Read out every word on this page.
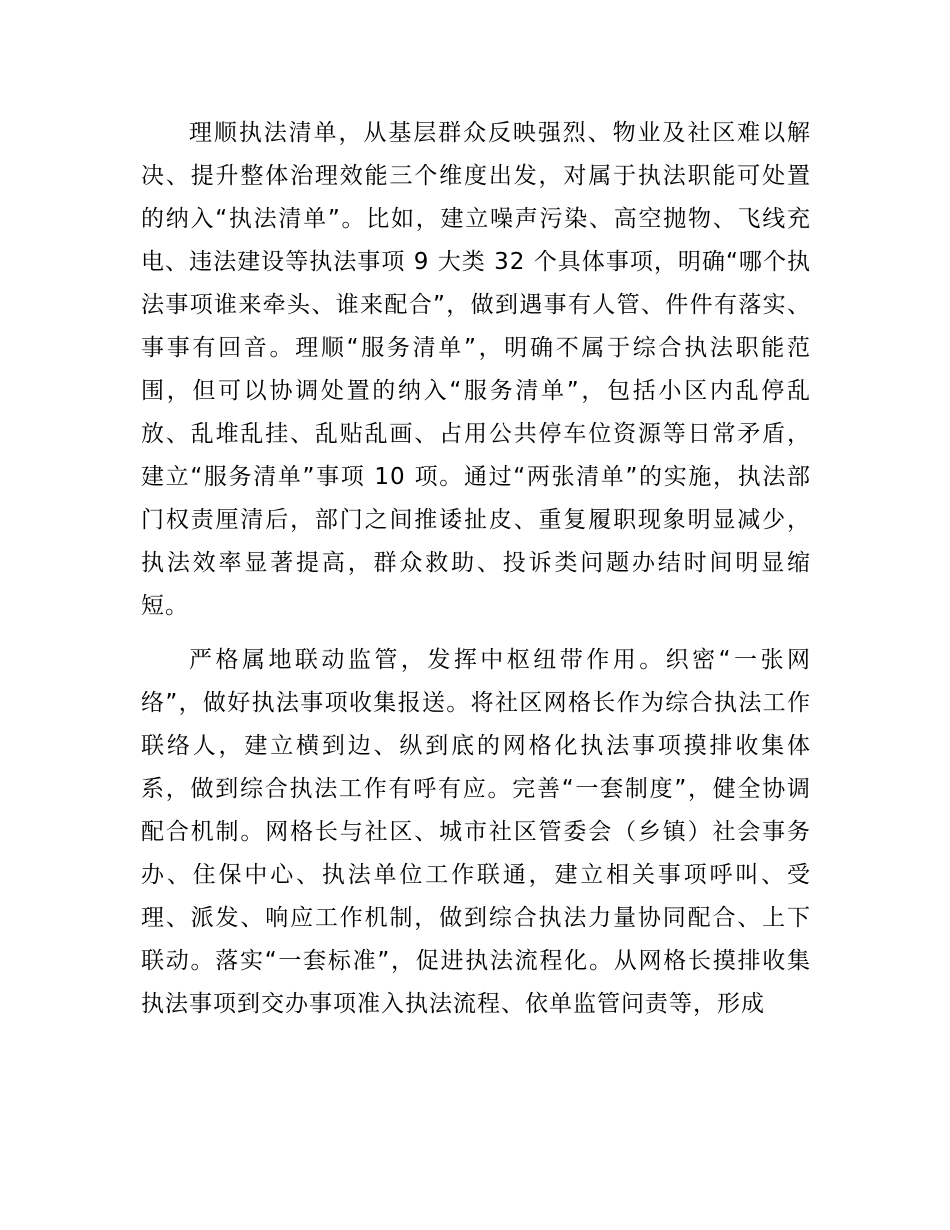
理顺执法清单，从基层群众反映强烈、物业及社区难以解决、提升整体治理效能三个维度出发，对属于执法职能可处置的纳入“执法清单”。比如，建立噪声污染、高空抛物、飞线充电、违法建设等执法事项 9 大类 32 个具体事项，明确“哪个执法事项谁来牵头、谁来配合”，做到遇事有人管、件件有落实、事事有回音。理顺“服务清单”，明确不属于综合执法职能范围，但可以协调处置的纳入“服务清单”，包括小区内乱停乱放、乱堆乱挂、乱贴乱画、占用公共停车位资源等日常矛盾，建立“服务清单”事项 10 项。通过“两张清单”的实施，执法部门权责厘清后，部门之间推诿扯皮、重复履职现象明显减少，执法效率显著提高，群众救助、投诉类问题办结时间明显缩短。

严格属地联动监管，发挥中枢纽带作用。织密“一张网络”，做好执法事项收集报送。将社区网格长作为综合执法工作联络人，建立横到边、纵到底的网格化执法事项摸排收集体系，做到综合执法工作有呼有应。完善“一套制度”，健全协调配合机制。网格长与社区、城市社区管委会（乡镇）社会事务办、住保中心、执法单位工作联通，建立相关事项呼叫、受理、派发、响应工作机制，做到综合执法力量协同配合、上下联动。落实“一套标准”，促进执法流程化。从网格长摸排收集执法事项到交办事项准入执法流程、依单监管问责等，形成
